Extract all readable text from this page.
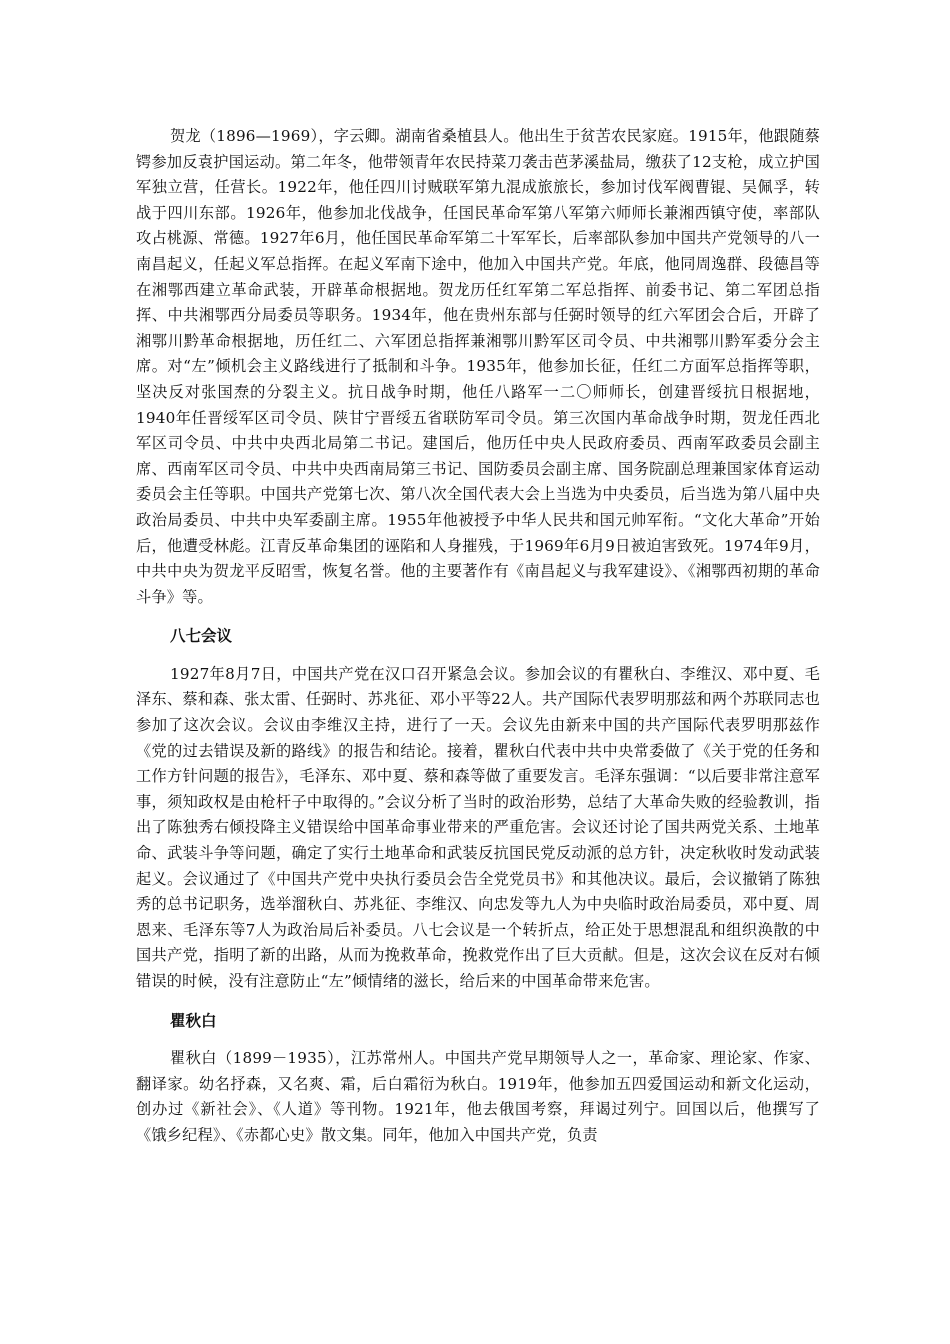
贺龙（1896—1969），字云卿。湖南省桑植县人。他出生于贫苦农民家庭。1915年，他跟随蔡锷参加反袁护国运动。第二年冬，他带领青年农民持菜刀袭击芭茅溪盐局，缴获了12支枪，成立护国军独立营，任营长。1922年，他任四川讨贼联军第九混成旅旅长，参加讨伐军阀曹锟、吴佩孚，转战于四川东部。1926年，他参加北伐战争，任国民革命军第八军第六师师长兼湘西镇守使，率部队攻占桃源、常德。1927年6月，他任国民革命军第二十军军长，后率部队参加中国共产党领导的八一南昌起义，任起义军总指挥。在起义军南下途中，他加入中国共产党。年底，他同周逸群、段德昌等在湘鄂西建立革命武装，开辟革命根据地。贺龙历任红军第二军总指挥、前委书记、第二军团总指挥、中共湘鄂西分局委员等职务。1934年，他在贵州东部与任弼时领导的红六军团会合后，开辟了湘鄂川黔革命根据地，历任红二、六军团总指挥兼湘鄂川黔军区司令员、中共湘鄂川黔军委分会主席。对“左”倾机会主义路线进行了抵制和斗争。1935年，他参加长征，任红二方面军总指挥等职，坚决反对张国焘的分裂主义。抗日战争时期，他任八路军一二〇师师长，创建晋绥抗日根据地，1940年任晋绥军区司令员、陕甘宁晋绥五省联防军司令员。第三次国内革命战争时期，贺龙任西北军区司令员、中共中央西北局第二书记。建国后，他历任中央人民政府委员、西南军政委员会副主席、西南军区司令员、中共中央西南局第三书记、国防委员会副主席、国务院副总理兼国家体育运动委员会主任等职。中国共产党第七次、第八次全国代表大会上当选为中央委员，后当选为第八届中央政治局委员、中共中央军委副主席。1955年他被授予中华人民共和国元帅军衔。“文化大革命”开始后，他遭受林彪。江青反革命集团的诬陷和人身摧残，于1969年6月9日被迫害致死。1974年9月，中共中央为贺龙平反昭雪，恢复名誉。他的主要著作有《南昌起义与我军建设》、《湘鄂西初期的革命斗争》等。

八七会议

1927年8月7日，中国共产党在汉口召开紧急会议。参加会议的有瞿秋白、李维汉、邓中夏、毛泽东、蔡和森、张太雷、任弼时、苏兆征、邓小平等22人。共产国际代表罗明那兹和两个苏联同志也参加了这次会议。会议由李维汉主持，进行了一天。会议先由新来中国的共产国际代表罗明那兹作《党的过去错误及新的路线》的报告和结论。接着，瞿秋白代表中共中央常委做了《关于党的任务和工作方针问题的报告》，毛泽东、邓中夏、蔡和森等做了重要发言。毛泽东强调：“以后要非常注意军事，须知政权是由枪杆子中取得的。”会议分析了当时的政治形势，总结了大革命失败的经验教训，指出了陈独秀右倾投降主义错误给中国革命事业带来的严重危害。会议还讨论了国共两党关系、土地革命、武装斗争等问题，确定了实行土地革命和武装反抗国民党反动派的总方针，决定秋收时发动武装起义。会议通过了《中国共产党中央执行委员会告全党党员书》和其他决议。最后，会议撤销了陈独秀的总书记职务，选举溜秋白、苏兆征、李维汉、向忠发等九人为中央临时政治局委员，邓中夏、周恩来、毛泽东等7人为政治局后补委员。八七会议是一个转折点，给正处于思想混乱和组织涣散的中国共产党，指明了新的出路，从而为挽救革命，挽救党作出了巨大贡献。但是，这次会议在反对右倾错误的时候，没有注意防止“左”倾情绪的滋长，给后来的中国革命带来危害。

瞿秋白

瞿秋白（1899－1935），江苏常州人。中国共产党早期领导人之一，革命家、理论家、作家、翻译家。幼名抒森，又名爽、霜，后白霜衍为秋白。1919年，他参加五四爱国运动和新文化运动，创办过《新社会》、《人道》等刊物。1921年，他去俄国考察，拜谒过列宁。回国以后，他撰写了《饿乡纪程》、《赤都心史》散文集。同年，他加入中国共产党，负责
